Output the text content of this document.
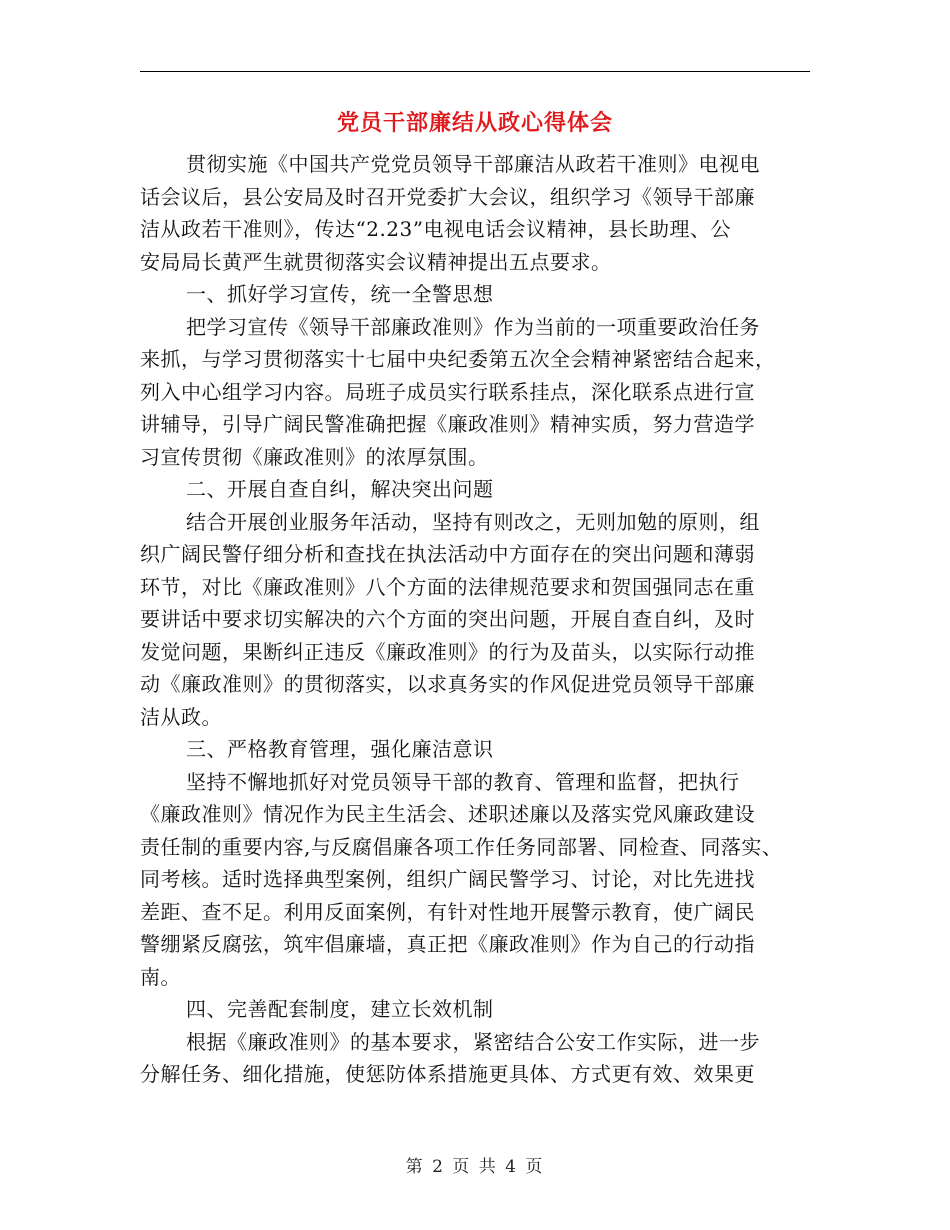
党员干部廉结从政心得体会
贯彻实施《中国共产党党员领导干部廉洁从政若干准则》电视电
话会议后，县公安局及时召开党委扩大会议，组织学习《领导干部廉
洁从政若干准则》，传达“2.23”电视电话会议精神，县长助理、公
安局局长黄严生就贯彻落实会议精神提出五点要求。
一、抓好学习宣传，统一全警思想
把学习宣传《领导干部廉政准则》作为当前的一项重要政治任务
来抓，与学习贯彻落实十七届中央纪委第五次全会精神紧密结合起来，
列入中心组学习内容。局班子成员实行联系挂点，深化联系点进行宣
讲辅导，引导广阔民警准确把握《廉政准则》精神实质，努力营造学
习宣传贯彻《廉政准则》的浓厚氛围。
二、开展自查自纠，解决突出问题
结合开展创业服务年活动，坚持有则改之，无则加勉的原则，组
织广阔民警仔细分析和查找在执法活动中方面存在的突出问题和薄弱
环节，对比《廉政准则》八个方面的法律规范要求和贺国强同志在重
要讲话中要求切实解决的六个方面的突出问题，开展自查自纠，及时
发觉问题，果断纠正违反《廉政准则》的行为及苗头，以实际行动推
动《廉政准则》的贯彻落实，以求真务实的作风促进党员领导干部廉
洁从政。
三、严格教育管理，强化廉洁意识
坚持不懈地抓好对党员领导干部的教育、管理和监督，把执行
《廉政准则》情况作为民主生活会、述职述廉以及落实党风廉政建设
责任制的重要内容,与反腐倡廉各项工作任务同部署、同检查、同落实、
同考核。适时选择典型案例，组织广阔民警学习、讨论，对比先进找
差距、查不足。利用反面案例，有针对性地开展警示教育，使广阔民
警绷紧反腐弦，筑牢倡廉墙，真正把《廉政准则》作为自己的行动指
南。
四、完善配套制度，建立长效机制
根据《廉政准则》的基本要求，紧密结合公安工作实际，进一步
分解任务、细化措施，使惩防体系措施更具体、方式更有效、效果更
第 2 页 共 4 页
